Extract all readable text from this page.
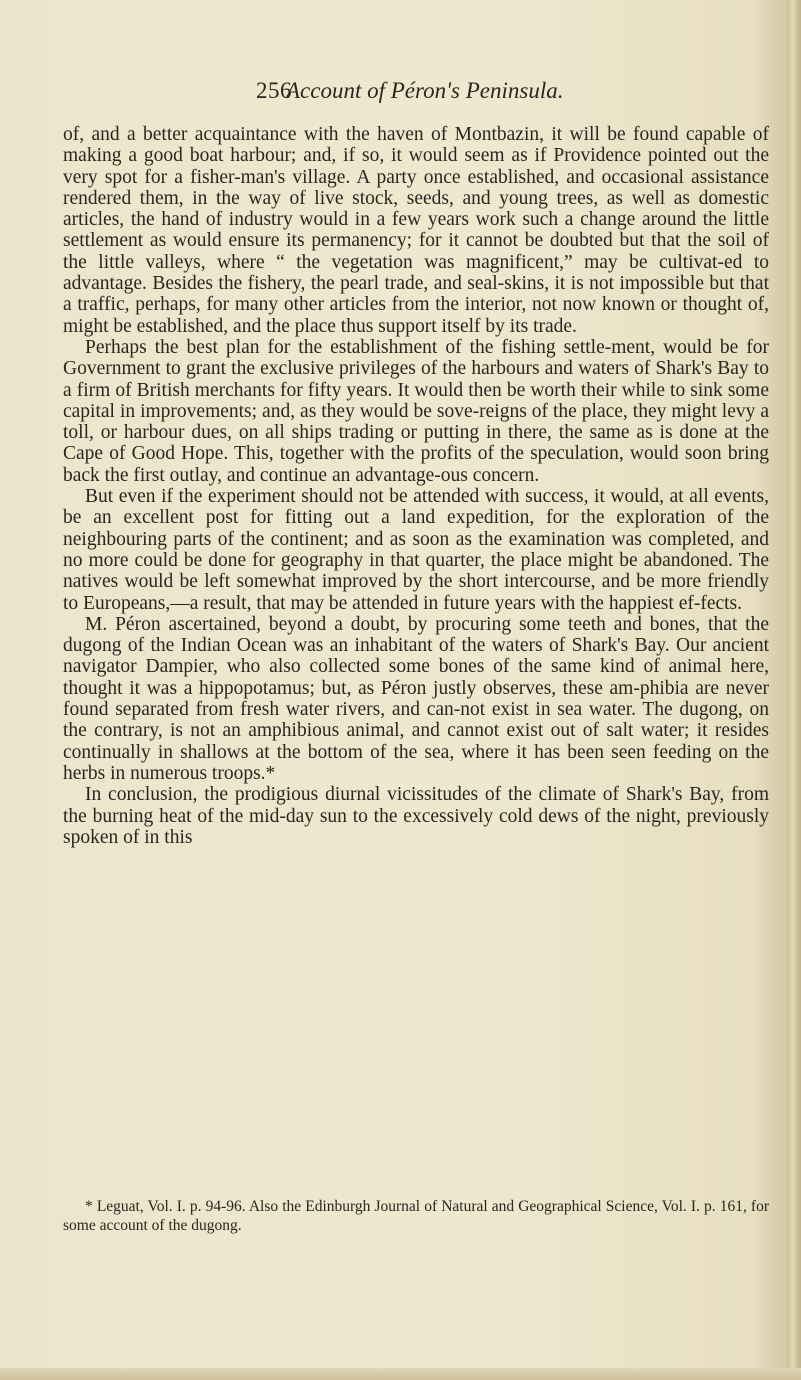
256
Account of Péron's Peninsula.

of, and a better acquaintance with the haven of Montbazin, it will be found capable of making a good boat harbour; and, if so, it would seem as if Providence pointed out the very spot for a fisher-man's village. A party once established, and occasional assistance rendered them, in the way of live stock, seeds, and young trees, as well as domestic articles, the hand of industry would in a few years work such a change around the little settlement as would ensure its permanency; for it cannot be doubted but that the soil of the little valleys, where “ the vegetation was magnificent,” may be cultivat-ed to advantage. Besides the fishery, the pearl trade, and seal-skins, it is not impossible but that a traffic, perhaps, for many other articles from the interior, not now known or thought of, might be established, and the place thus support itself by its trade.

Perhaps the best plan for the establishment of the fishing settle-ment, would be for Government to grant the exclusive privileges of the harbours and waters of Shark's Bay to a firm of British merchants for fifty years. It would then be worth their while to sink some capital in improvements; and, as they would be sove-reigns of the place, they might levy a toll, or harbour dues, on all ships trading or putting in there, the same as is done at the Cape of Good Hope. This, together with the profits of the speculation, would soon bring back the first outlay, and continue an advantage-ous concern.

But even if the experiment should not be attended with success, it would, at all events, be an excellent post for fitting out a land expedition, for the exploration of the neighbouring parts of the continent; and as soon as the examination was completed, and no more could be done for geography in that quarter, the place might be abandoned. The natives would be left somewhat improved by the short intercourse, and be more friendly to Europeans,—a result, that may be attended in future years with the happiest ef-fects.

M. Péron ascertained, beyond a doubt, by procuring some teeth and bones, that the dugong of the Indian Ocean was an inhabitant of the waters of Shark's Bay. Our ancient navigator Dampier, who also collected some bones of the same kind of animal here, thought it was a hippopotamus; but, as Péron justly observes, these am-phibia are never found separated from fresh water rivers, and can-not exist in sea water. The dugong, on the contrary, is not an amphibious animal, and cannot exist out of salt water; it resides continually in shallows at the bottom of the sea, where it has been seen feeding on the herbs in numerous troops.*

In conclusion, the prodigious diurnal vicissitudes of the climate of Shark's Bay, from the burning heat of the mid-day sun to the excessively cold dews of the night, previously spoken of in this

* Leguat, Vol. I. p. 94-96. Also the Edinburgh Journal of Natural and Geographical Science, Vol. I. p. 161, for some account of the dugong.
